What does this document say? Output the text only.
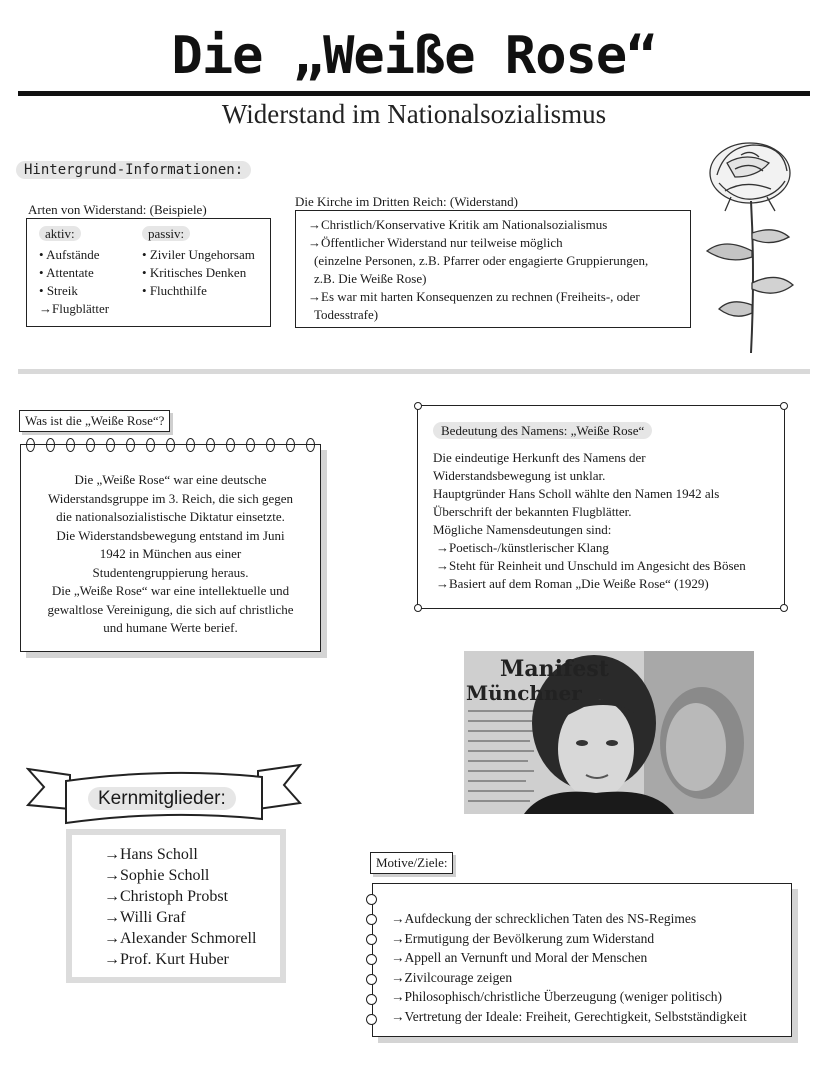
Die „Weiße Rose“
Widerstand im Nationalsozialismus
Hintergrund-Informationen:
Arten von Widerstand: (Beispiele)
aktiv:
• Aufstände
• Attentate
• Streik
→Flugblätter
passiv:
• Ziviler Ungehorsam
• Kritisches Denken
• Fluchthilfe
Die Kirche im Dritten Reich: (Widerstand)
→Christlich/Konservative Kritik am Nationalsozialismus
→Öffentlicher Widerstand nur teilweise möglich
(einzelne Personen, z.B. Pfarrer oder engagierte Gruppierungen,
z.B. Die Weiße Rose)
→Es war mit harten Konsequenzen zu rechnen (Freiheits-, oder
Todesstrafe)
Was ist die „Weiße Rose“?
Die „Weiße Rose“ war eine deutsche
Widerstandsgruppe im 3. Reich, die sich gegen
die nationalsozialistische Diktatur einsetzte.
Die Widerstandsbewegung entstand im Juni
1942 in München aus einer
Studentengruppierung heraus.
Die „Weiße Rose“ war eine intellektuelle und
gewaltlose Vereinigung, die sich auf christliche
und humane Werte berief.
Bedeutung des Namens: „Weiße Rose“
Die eindeutige Herkunft des Namens der
Widerstandsbewegung ist unklar.
Hauptgründer Hans Scholl wählte den Namen 1942 als
Überschrift der bekannten Flugblätter.
Mögliche Namensdeutungen sind:
→Poetisch-/künstlerischer Klang
→Steht für Reinheit und Unschuld im Angesicht des Bösen
→Basiert auf dem Roman „Die Weiße Rose“ (1929)
Manifest
Münchner
Kernmitglieder:
→Hans Scholl
→Sophie Scholl
→Christoph Probst
→Willi Graf
→Alexander Schmorell
→Prof. Kurt Huber
Motive/Ziele:
→Aufdeckung der schrecklichen Taten des NS-Regimes
→Ermutigung der Bevölkerung zum Widerstand
→Appell an Vernunft und Moral der Menschen
→Zivilcourage zeigen
→Philosophisch/christliche Überzeugung (weniger politisch)
→Vertretung der Ideale: Freiheit, Gerechtigkeit, Selbstständigkeit
